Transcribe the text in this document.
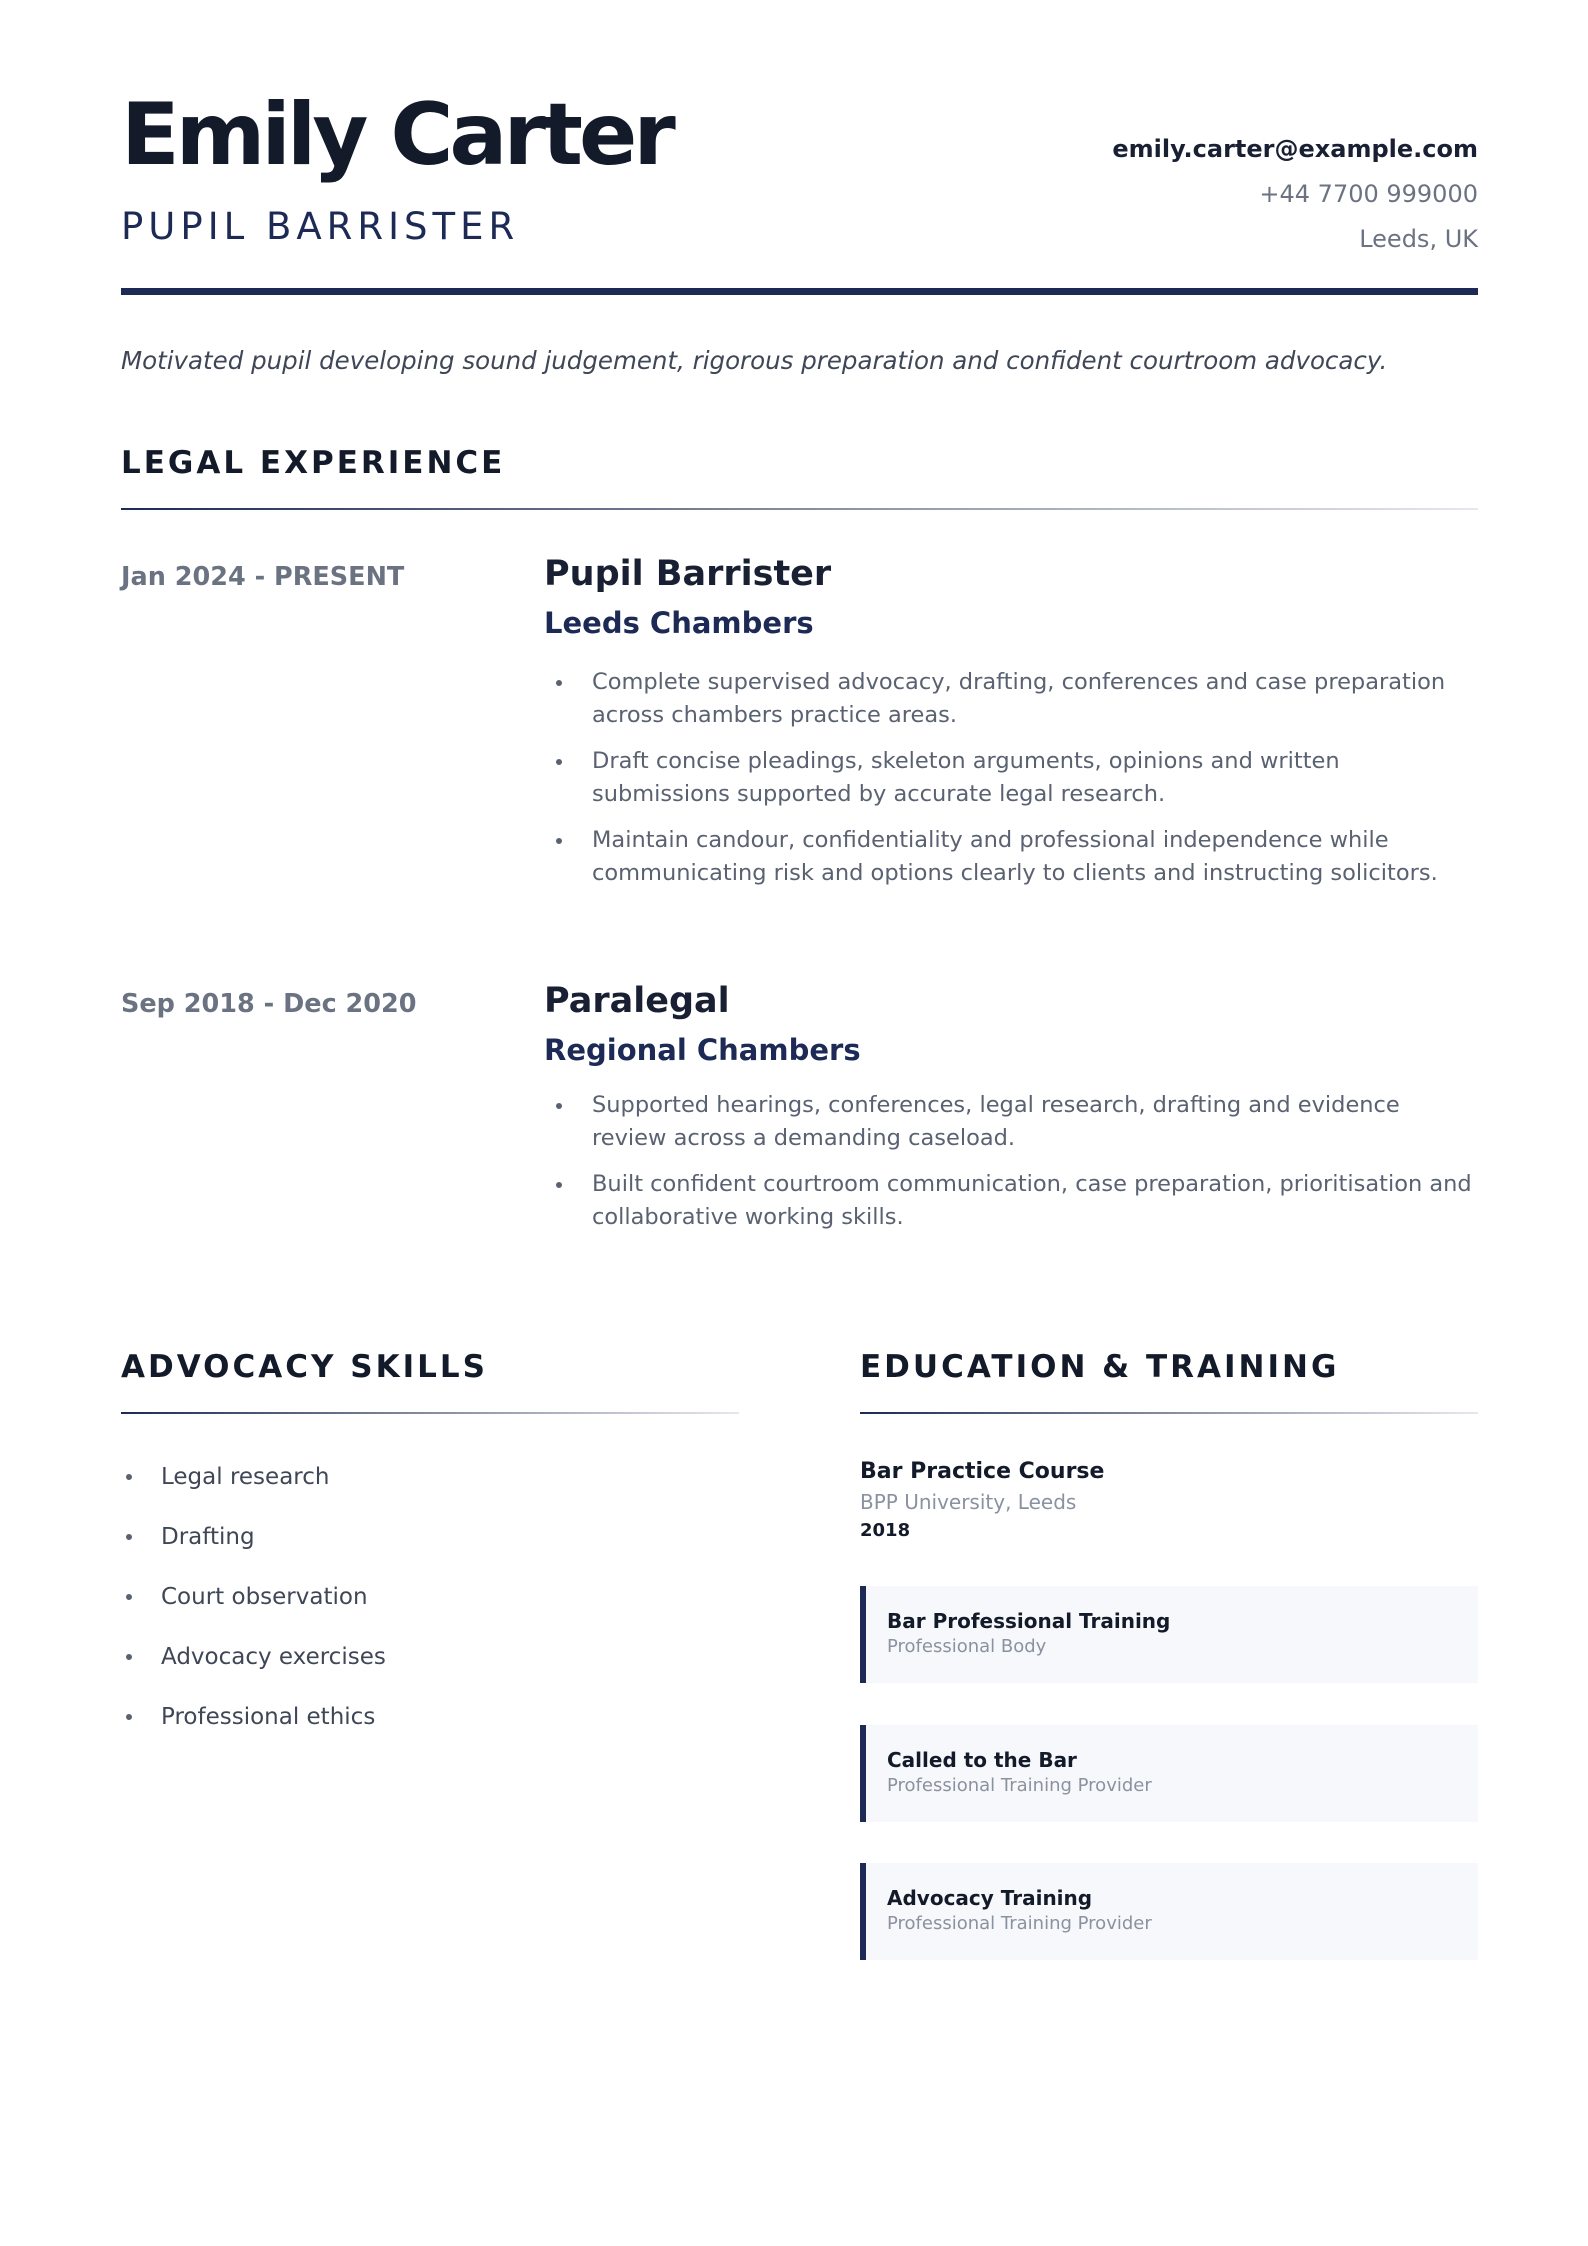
Emily Carter
PUPIL BARRISTER
emily.carter@example.com
+44 7700 999000
Leeds, UK
Motivated pupil developing sound judgement, rigorous preparation and confident courtroom advocacy.
LEGAL EXPERIENCE
Jan 2024 - PRESENT	Pupil Barrister
Leeds Chambers
Complete supervised advocacy, drafting, conferences and case preparation across chambers practice areas.
Draft concise pleadings, skeleton arguments, opinions and written submissions supported by accurate legal research.
Maintain candour, confidentiality and professional independence while communicating risk and options clearly to clients and instructing solicitors.
Sep 2018 - Dec 2020	Paralegal
Regional Chambers
Supported hearings, conferences, legal research, drafting and evidence review across a demanding caseload.
Built confident courtroom communication, case preparation, prioritisation and collaborative working skills.
ADVOCACY SKILLS
Legal research
Drafting
Court observation
Advocacy exercises
Professional ethics
EDUCATION & TRAINING
Bar Practice Course
BPP University, Leeds
2018
Bar Professional Training
Professional Body
Called to the Bar
Professional Training Provider
Advocacy Training
Professional Training Provider
